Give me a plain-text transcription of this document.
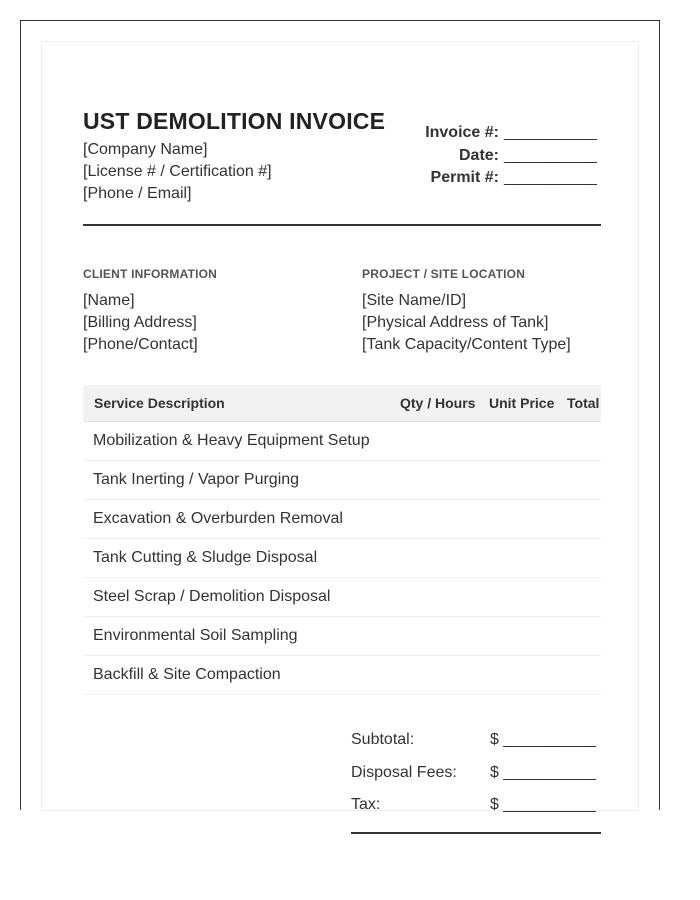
UST DEMOLITION INVOICE
[Company Name]
[License # / Certification #]
[Phone / Email]
Invoice #: ___________
Date: ___________
Permit #: ___________
CLIENT INFORMATION
[Name]
[Billing Address]
[Phone/Contact]
PROJECT / SITE LOCATION
[Site Name/ID]
[Physical Address of Tank]
[Tank Capacity/Content Type]
Service Description	Qty / Hours	Unit Price	Total
Mobilization & Heavy Equipment Setup			
Tank Inerting / Vapor Purging			
Excavation & Overburden Removal			
Tank Cutting & Sludge Disposal			
Steel Scrap / Demolition Disposal			
Environmental Soil Sampling			
Backfill & Site Compaction			
Subtotal:	$ ___________
Disposal Fees: $ ___________
Tax:	$ ___________
